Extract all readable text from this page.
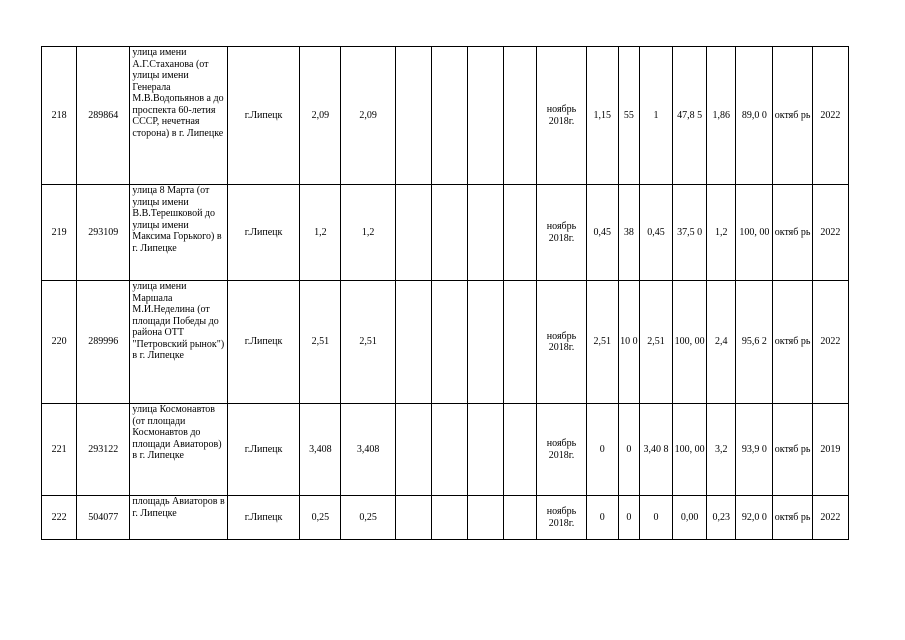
218	289864	улица имени А.Г.Стаханова (от улицы имени Генерала М.В.Водопьянов а до проспекта 60-летия СССР, нечетная сторона) в г. Липецке	г.Липецк	2,09	2,09					ноябрь 2018г.	1,15	55	1	47,8 5	1,86	89,0 0	октяб рь	2022
219	293109	улица 8 Марта (от улицы имени В.В.Терешковой до улицы имени Максима Горького) в г. Липецке	г.Липецк	1,2	1,2					ноябрь 2018г.	0,45	38	0,45	37,5 0	1,2	100, 00	октяб рь	2022
220	289996	улица имени Маршала М.И.Неделина (от площади Победы до района ОТТ "Петровский рынок") в г. Липецке	г.Липецк	2,51	2,51					ноябрь 2018г.	2,51	10 0	2,51	100, 00	2,4	95,6 2	октяб рь	2022
221	293122	улица Космонавтов (от площади Космонавтов до площади Авиаторов) в г. Липецке	г.Липецк	3,408	3,408					ноябрь 2018г.	0	0	3,40 8	100, 00	3,2	93,9 0	октяб рь	2019
222	504077	площадь Авиаторов в г. Липецке	г.Липецк	0,25	0,25					ноябрь 2018г.	0	0	0	0,00	0,23	92,0 0	октяб рь	2022
